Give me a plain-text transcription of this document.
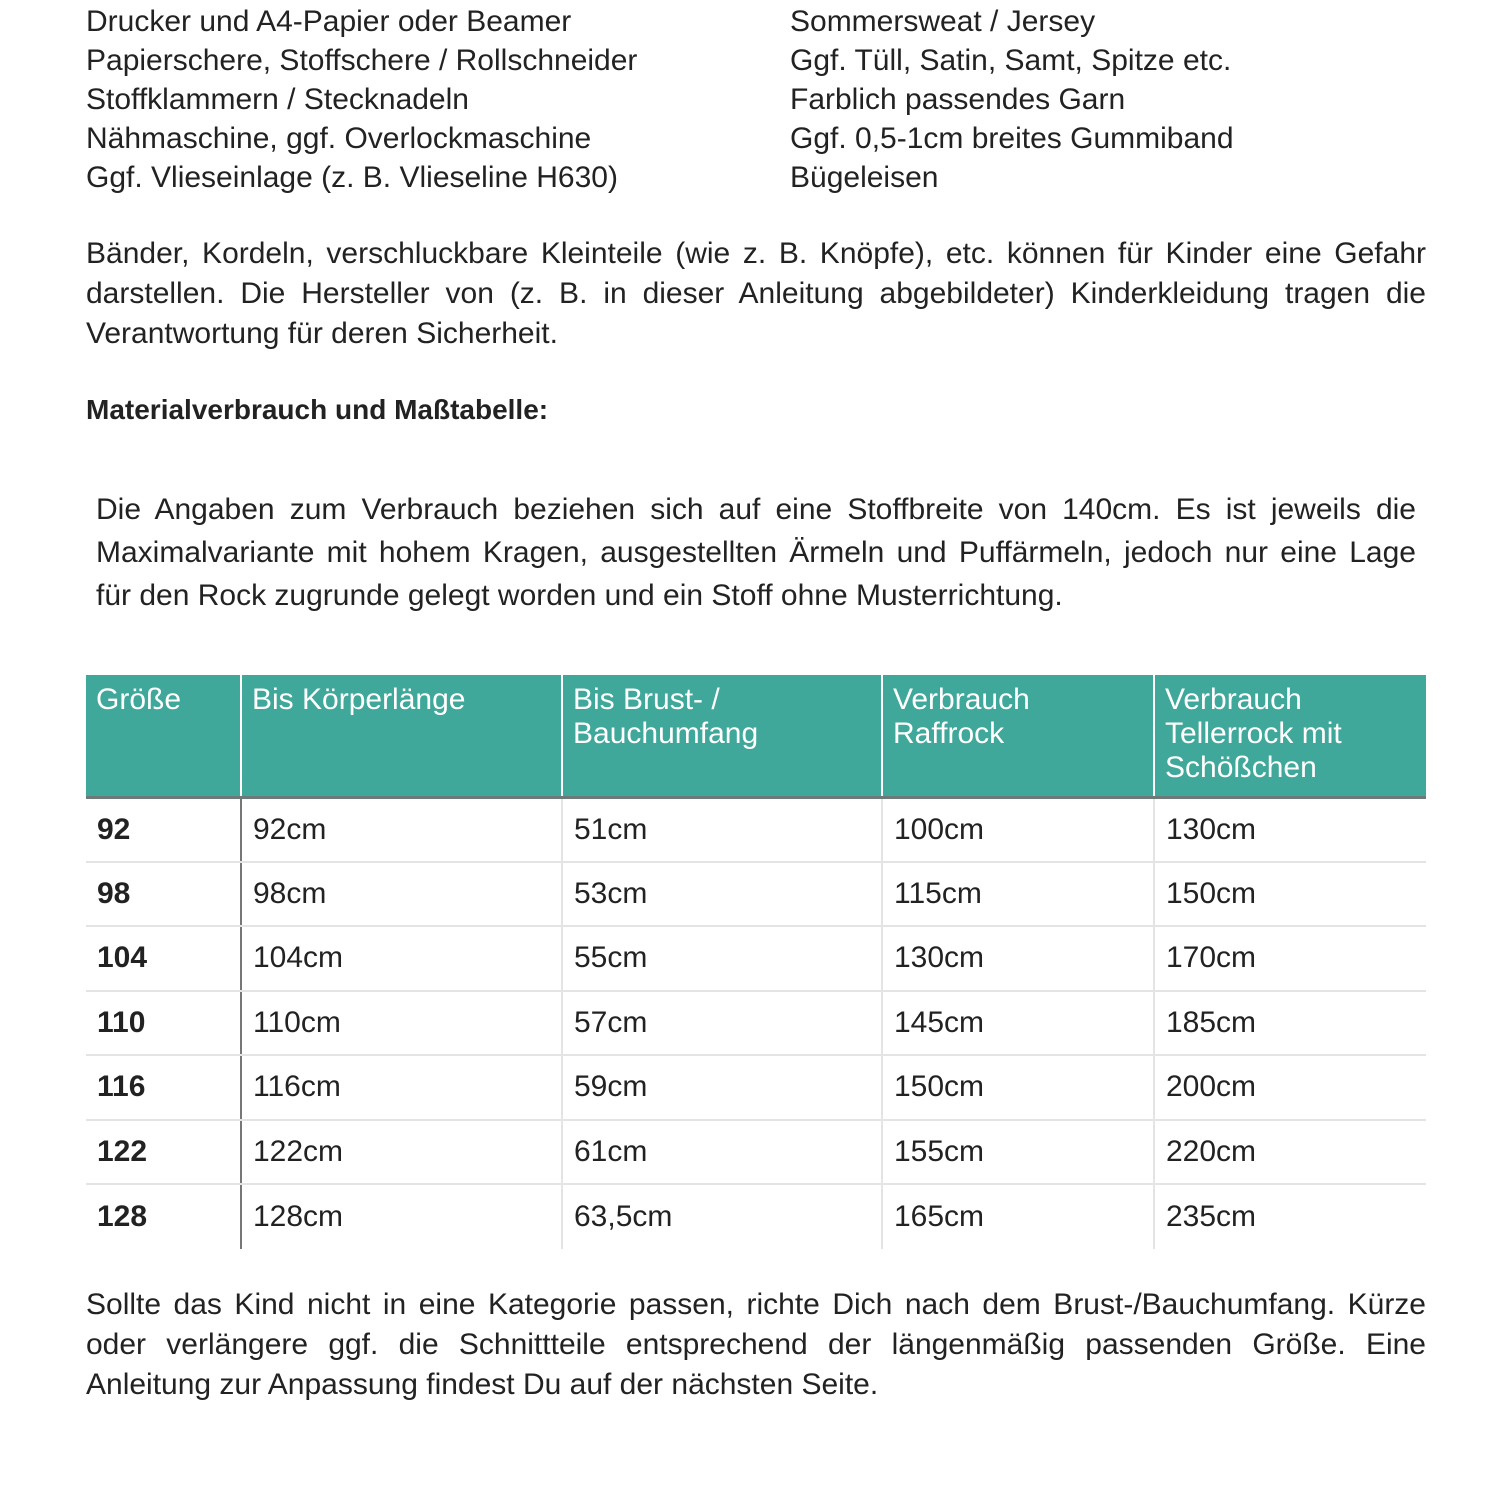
Drucker und A4-Papier oder Beamer
Papierschere, Stoffschere / Rollschneider
Stoffklammern / Stecknadeln
Nähmaschine, ggf. Overlockmaschine
Ggf. Vlieseinlage (z. B. Vlieseline H630)
Sommersweat / Jersey
Ggf. Tüll, Satin, Samt, Spitze etc.
Farblich passendes Garn
Ggf. 0,5-1cm breites Gummiband
Bügeleisen

Bänder, Kordeln, verschluckbare Kleinteile (wie z. B. Knöpfe), etc. können für Kinder eine Gefahr darstellen. Die Hersteller von (z. B. in dieser Anleitung abgebildeter) Kinderkleidung tragen die Verantwortung für deren Sicherheit.

Materialverbrauch und Maßtabelle:

Die Angaben zum Verbrauch beziehen sich auf eine Stoffbreite von 140cm. Es ist jeweils die Maximalvariante mit hohem Kragen, ausgestellten Ärmeln und Puffärmeln, jedoch nur eine Lage für den Rock zugrunde gelegt worden und ein Stoff ohne Musterrichtung.

Größe	Bis Körperlänge	Bis Brust- / Bauchumfang	Verbrauch Raffrock	Verbrauch Tellerrock mit Schößchen
92	92cm	51cm	100cm	130cm
98	98cm	53cm	115cm	150cm
104	104cm	55cm	130cm	170cm
110	110cm	57cm	145cm	185cm
116	116cm	59cm	150cm	200cm
122	122cm	61cm	155cm	220cm
128	128cm	63,5cm	165cm	235cm

Sollte das Kind nicht in eine Kategorie passen, richte Dich nach dem Brust-/Bauchumfang. Kürze oder verlängere ggf. die Schnittteile entsprechend der längenmäßig passenden Größe. Eine Anleitung zur Anpassung findest Du auf der nächsten Seite.
